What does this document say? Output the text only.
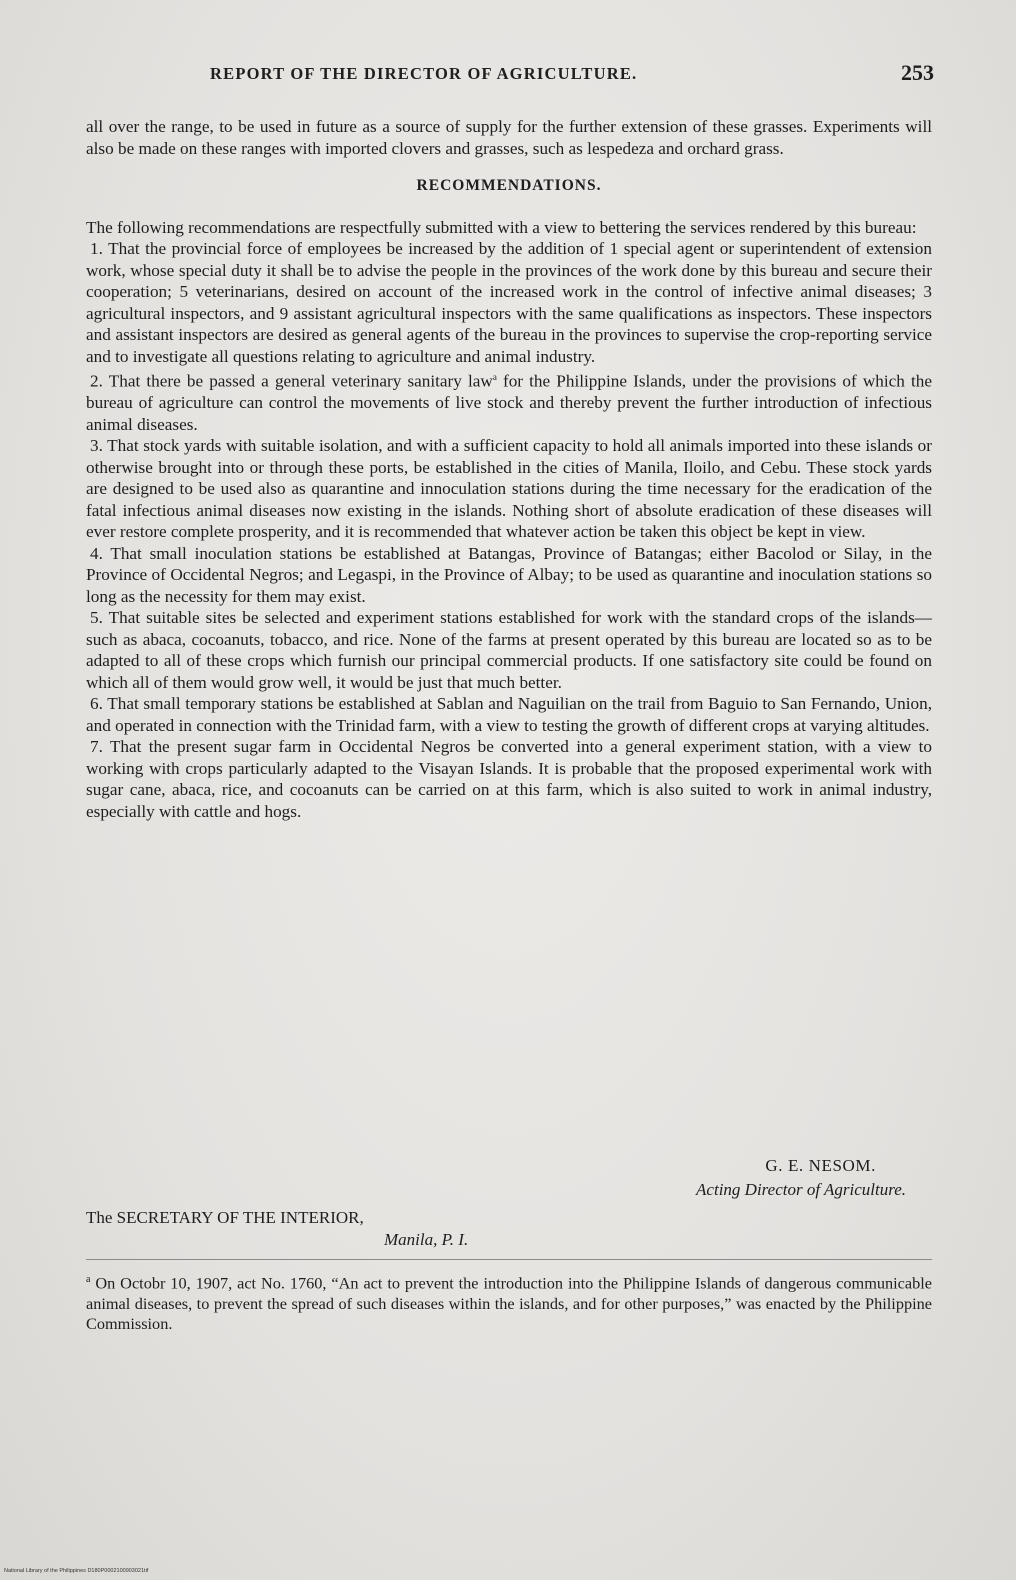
REPORT OF THE DIRECTOR OF AGRICULTURE.	253

all over the range, to be used in future as a source of supply for the further extension of these grasses. Experiments will also be made on these ranges with imported clovers and grasses, such as lespedeza and orchard grass.

RECOMMENDATIONS.

The following recommendations are respectfully submitted with a view to bettering the services rendered by this bureau:

1. That the provincial force of employees be increased by the addition of 1 special agent or superintendent of extension work, whose special duty it shall be to advise the people in the provinces of the work done by this bureau and secure their cooperation; 5 veterinarians, desired on account of the increased work in the control of infective animal diseases; 3 agricultural inspectors, and 9 assistant agricultural inspectors with the same qualifications as inspectors. These inspectors and assistant inspectors are desired as general agents of the bureau in the provinces to supervise the crop-reporting service and to investigate all questions relating to agriculture and animal industry.

2. That there be passed a general veterinary sanitary law$^a$ for the Philippine Islands, under the provisions of which the bureau of agriculture can control the movements of live stock and thereby prevent the further introduction of infectious animal diseases.

3. That stock yards with suitable isolation, and with a sufficient capacity to hold all animals imported into these islands or otherwise brought into or through these ports, be established in the cities of Manila, Iloilo, and Cebu. These stock yards are designed to be used also as quarantine and innoculation stations during the time necessary for the eradication of the fatal infectious animal diseases now existing in the islands. Nothing short of absolute eradication of these diseases will ever restore complete prosperity, and it is recommended that whatever action be taken this object be kept in view.

4. That small inoculation stations be established at Batangas, Province of Batangas; either Bacolod or Silay, in the Province of Occidental Negros; and Legaspi, in the Province of Albay; to be used as quarantine and inoculation stations so long as the necessity for them may exist.

5. That suitable sites be selected and experiment stations established for work with the standard crops of the islands—such as abaca, cocoanuts, tobacco, and rice. None of the farms at present operated by this bureau are located so as to be adapted to all of these crops which furnish our principal commercial products. If one satisfactory site could be found on which all of them would grow well, it would be just that much better.

6. That small temporary stations be established at Sablan and Naguilian on the trail from Baguio to San Fernando, Union, and operated in connection with the Trinidad farm, with a view to testing the growth of different crops at varying altitudes.

7. That the present sugar farm in Occidental Negros be converted into a general experiment station, with a view to working with crops particularly adapted to the Visayan Islands. It is probable that the proposed experimental work with sugar cane, abaca, rice, and cocoanuts can be carried on at this farm, which is also suited to work in animal industry, especially with cattle and hogs.

G. E. NESOM.
Acting Director of Agriculture.
The SECRETARY OF THE INTERIOR,
Manila, P. I.
$^a$ On Octobr 10, 1907, act No. 1760, “An act to prevent the introduction into the Philippine Islands of dangerous communicable animal diseases, to prevent the spread of such diseases within the islands, and for other purposes,” was enacted by the Philippine Commission.
National Library of the Philippines D180P0002100903021tif
